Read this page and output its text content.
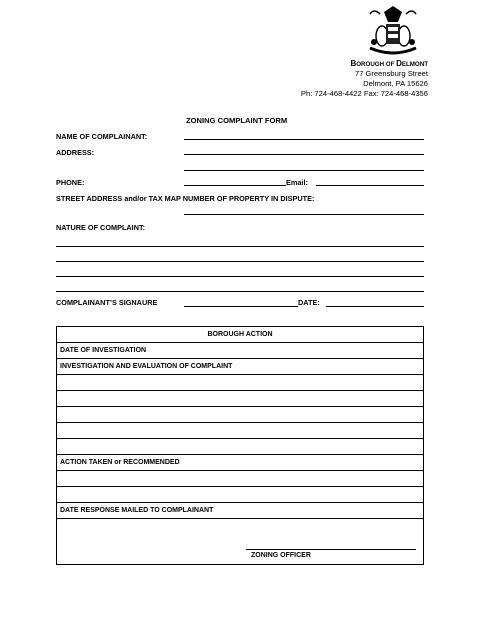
BOROUGH OF DELMONT
77 Greensburg Street
Delmont, PA 15626
Ph: 724-468-4422 Fax: 724-468-4356
ZONING COMPLAINT FORM
NAME OF COMPLAINANT:
ADDRESS:
PHONE:	Email:
STREET ADDRESS and/or TAX MAP NUMBER OF PROPERTY IN DISPUTE:
NATURE OF COMPLAINT:
COMPLAINANT’S SIGNAURE	DATE:
BOROUGH ACTION
DATE OF INVESTIGATION
INVESTIGATION AND EVALUATION OF COMPLAINT

ACTION TAKEN or RECOMMENDED

DATE RESPONSE MAILED TO COMPLAINANT

ZONING OFFICER
